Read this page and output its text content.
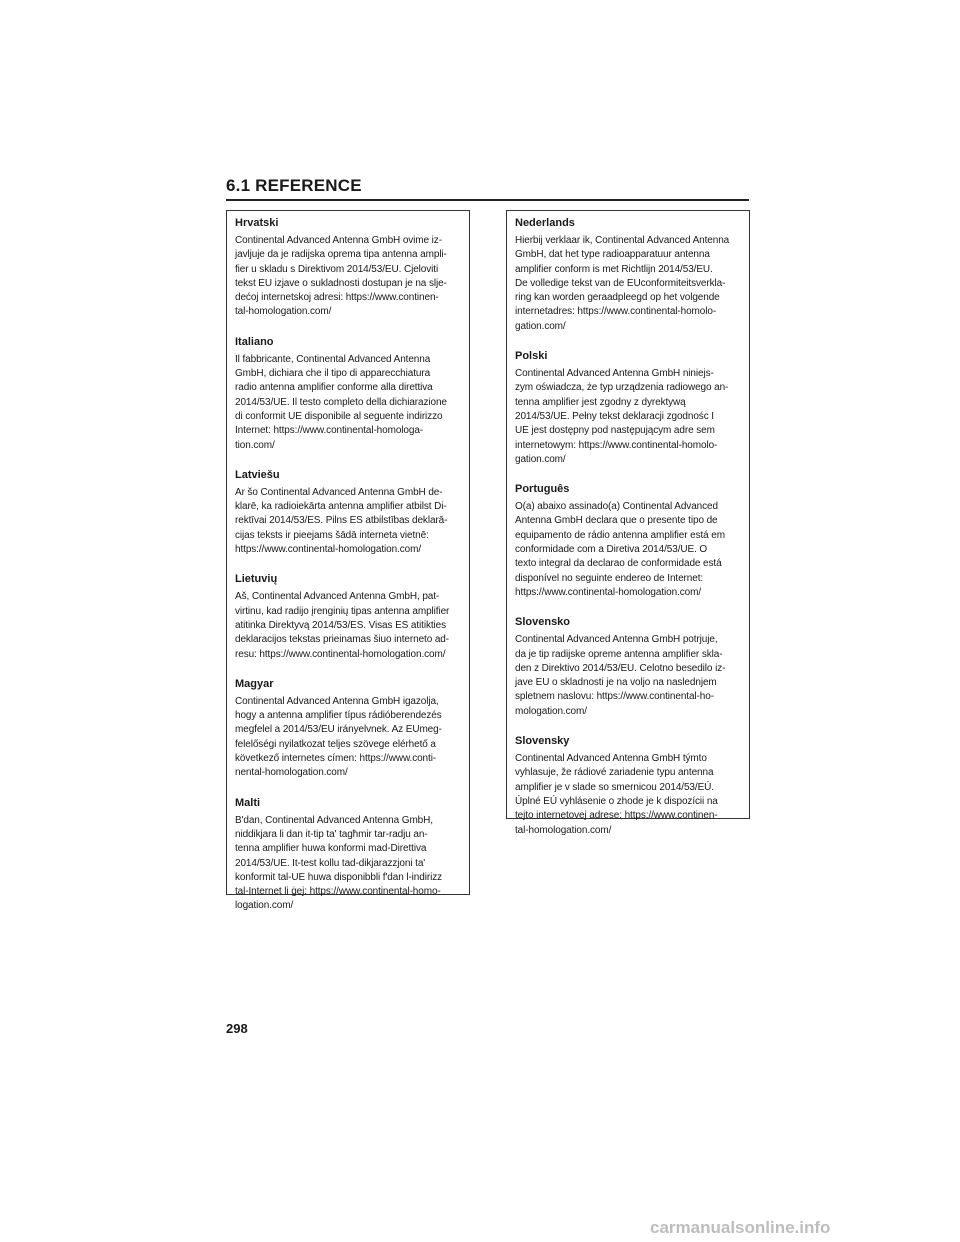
6.1 REFERENCE
Hrvatski
Continental Advanced Antenna GmbH ovime iz-
javljuje da je radijska oprema tipa antenna ampli-
fier u skladu s Direktivom 2014/53/EU. Cjeloviti
tekst EU izjave o sukladnosti dostupan je na slje-
dećoj internetskoj adresi: https://www.continen-
tal-homologation.com/
Italiano
Il fabbricante, Continental Advanced Antenna
GmbH, dichiara che il tipo di apparecchiatura
radio antenna amplifier conforme alla direttiva
2014/53/UE. Il testo completo della dichiarazione
di conformit UE disponibile al seguente indirizzo
Internet: https://www.continental-homologa-
tion.com/
Latviešu
Ar šo Continental Advanced Antenna GmbH de-
klarē, ka radioiekārta antenna amplifier atbilst Di-
rektīvai 2014/53/ES. Pilns ES atbilstības deklarā-
cijas teksts ir pieejams šādā interneta vietnē:
https://www.continental-homologation.com/
Lietuvių
Aš, Continental Advanced Antenna GmbH, pat-
virtinu, kad radijo įrenginių tipas antenna amplifier
atitinka Direktyvą 2014/53/ES. Visas ES atitikties
deklaracijos tekstas prieinamas šiuo interneto ad-
resu: https://www.continental-homologation.com/
Magyar
Continental Advanced Antenna GmbH igazolja,
hogy a antenna amplifier típus rádióberendezés
megfelel a 2014/53/EU irányelvnek. Az EUmeg-
felelőségi nyilatkozat teljes szövege elérhető a
következő internetes címen: https://www.conti-
nental-homologation.com/
Malti
B'dan, Continental Advanced Antenna GmbH,
niddikjara li dan it-tip ta' tagħmir tar-radju an-
tenna amplifier huwa konformi mad-Direttiva
2014/53/UE. It-test kollu tad-dikjarazzjoni ta'
konformit tal-UE huwa disponibbli f'dan l-indirizz
tal-Internet li ġej: https://www.continental-homo-
logation.com/
Nederlands
Hierbij verklaar ik, Continental Advanced Antenna
GmbH, dat het type radioapparatuur antenna
amplifier conform is met Richtlijn 2014/53/EU.
De volledige tekst van de EUconformiteitsverkla-
ring kan worden geraadpleegd op het volgende
internetadres: https://www.continental-homolo-
gation.com/
Polski
Continental Advanced Antenna GmbH niniejs-
zym oświadcza, że typ urządzenia radiowego an-
tenna amplifier jest zgodny z dyrektywą
2014/53/UE. Pełny tekst deklaracji zgodnośc I
UE jest dostępny pod następującym adre sem
internetowym: https://www.continental-homolo-
gation.com/
Português
O(a) abaixo assinado(a) Continental Advanced
Antenna GmbH declara que o presente tipo de
equipamento de rádio antenna amplifier está em
conformidade com a Diretiva 2014/53/UE. O
texto integral da declarao de conformidade está
disponível no seguinte endereo de Internet:
https://www.continental-homologation.com/
Slovensko
Continental Advanced Antenna GmbH potrjuje,
da je tip radijske opreme antenna amplifier skla-
den z Direktivo 2014/53/EU. Celotno besedilo iz-
jave EU o skladnosti je na voljo na naslednjem
spletnem naslovu: https://www.continental-ho-
mologation.com/
Slovensky
Continental Advanced Antenna GmbH týmto
vyhlasuje, že rádiové zariadenie typu antenna
amplifier je v slade so smernicou 2014/53/EÚ.
Úplné EÚ vyhlásenie o zhode je k dispozícii na
tejto internetovej adrese: https://www.continen-
tal-homologation.com/
298
carmanualsonline.info
